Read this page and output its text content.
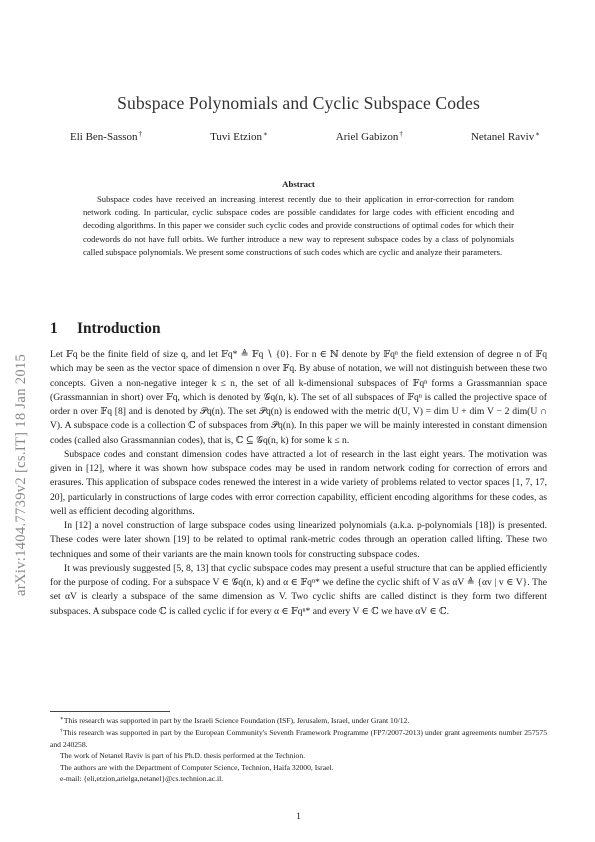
arXiv:1404.7739v2 [cs.IT] 18 Jan 2015
Subspace Polynomials and Cyclic Subspace Codes
Eli Ben-Sasson†	Tuvi Etzion∗	Ariel Gabizon†	Netanel Raviv∗
Abstract
Subspace codes have received an increasing interest recently due to their application in error-correction for random network coding. In particular, cyclic subspace codes are possible candidates for large codes with efficient encoding and decoding algorithms. In this paper we consider such cyclic codes and provide constructions of optimal codes for which their codewords do not have full orbits. We further introduce a new way to represent subspace codes by a class of polynomials called subspace polynomials. We present some constructions of such codes which are cyclic and analyze their parameters.
1 Introduction

Let 𝔽q be the finite field of size q, and let 𝔽q* ≜ 𝔽q ∖ {0}. For n ∈ ℕ denote by 𝔽qⁿ the field extension of degree n of 𝔽q which may be seen as the vector space of dimension n over 𝔽q. By abuse of notation, we will not distinguish between these two concepts. Given a non-negative integer k ≤ n, the set of all k-dimensional subspaces of 𝔽qⁿ forms a Grassmannian space (Grassmannian in short) over 𝔽q, which is denoted by 𝒢q(n, k). The set of all subspaces of 𝔽qⁿ is called the projective space of order n over 𝔽q [8] and is denoted by 𝒫q(n). The set 𝒫q(n) is endowed with the metric d(U, V) = dim U + dim V − 2 dim(U ∩ V). A subspace code is a collection ℂ of subspaces from 𝒫q(n). In this paper we will be mainly interested in constant dimension codes (called also Grassmannian codes), that is, ℂ ⊆ 𝒢q(n, k) for some k ≤ n.

Subspace codes and constant dimension codes have attracted a lot of research in the last eight years. The motivation was given in [12], where it was shown how subspace codes may be used in random network coding for correction of errors and erasures. This application of subspace codes renewed the interest in a wide variety of problems related to vector spaces [1, 7, 17, 20], particularly in constructions of large codes with error correction capability, efficient encoding algorithms for these codes, as well as efficient decoding algorithms.

In [12] a novel construction of large subspace codes using linearized polynomials (a.k.a. p-polynomials [18]) is presented. These codes were later shown [19] to be related to optimal rank-metric codes through an operation called lifting. These two techniques and some of their variants are the main known tools for constructing subspace codes.

It was previously suggested [5, 8, 13] that cyclic subspace codes may present a useful structure that can be applied efficiently for the purpose of coding. For a subspace V ∈ 𝒢q(n, k) and α ∈ 𝔽qⁿ* we define the cyclic shift of V as αV ≜ {αv | v ∈ V}. The set αV is clearly a subspace of the same dimension as V. Two cyclic shifts are called distinct is they form two different subspaces. A subspace code ℂ is called cyclic if for every α ∈ 𝔽qⁿ* and every V ∈ ℂ we have αV ∈ ℂ.

∗This research was supported in part by the Israeli Science Foundation (ISF), Jerusalem, Israel, under Grant 10/12.

†This research was supported in part by the European Community's Seventh Framework Programme (FP7/2007-2013) under grant agreements number 257575 and 240258.

The work of Netanel Raviv is part of his Ph.D. thesis performed at the Technion.

The authors are with the Department of Computer Science, Technion, Haifa 32000, Israel.

e-mail: {eli,etzion,arielga,netanel}@cs.technion.ac.il.

1
